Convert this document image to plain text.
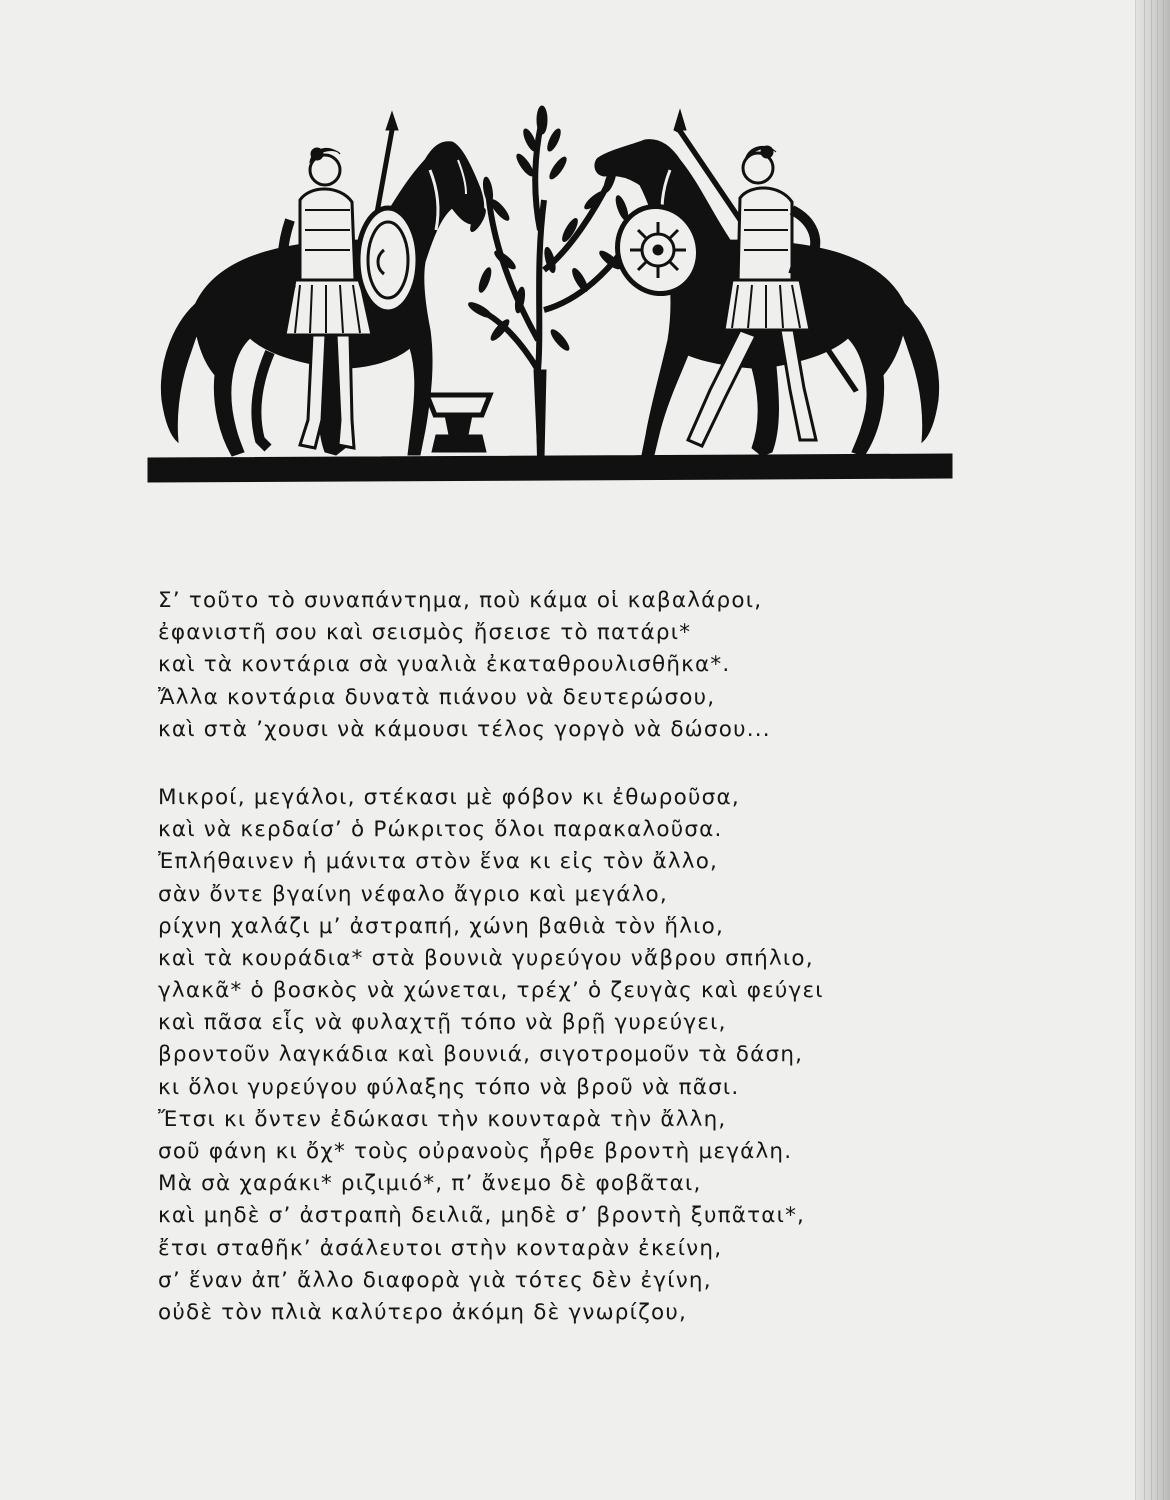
Σ’ τοῦτο τὸ συναπάντημα, ποὺ κάμα οἱ καβαλάροι,
ἐφανιστῆ σου καὶ σεισμὸς ἤσεισε τὸ πατάρι*
καὶ τὰ κοντάρια σὰ γυαλιὰ ἐκαταθρουλισθῆκα*.
Ἄλλα κοντάρια δυνατὰ πιάνου νὰ δευτερώσου,
καὶ στὰ ’χουσι νὰ κάμουσι τέλος γοργὸ νὰ δώσου...
Μικροί, μεγάλοι, στέκασι μὲ φόβον κι ἐθωροῦσα,
καὶ νὰ κερδαίσ’ ὁ Ρώκριτος ὅλοι παρακαλοῦσα.
Ἐπλήθαινεν ἡ μάνιτα στὸν ἕνα κι εἰς τὸν ἄλλο,
σὰν ὄντε βγαίνη νέφαλο ἄγριο καὶ μεγάλο,
ρίχνη χαλάζι μ’ ἀστραπή, χώνη βαθιὰ τὸν ἥλιο,
καὶ τὰ κουράδια* στὰ βουνιὰ γυρεύγου νἄβρου σπήλιο,
γλακᾶ* ὁ βοσκὸς νὰ χώνεται, τρέχ’ ὁ ζευγὰς καὶ φεύγει
καὶ πᾶσα εἷς νὰ φυλαχτῇ τόπο νὰ βρῇ γυρεύγει,
βροντοῦν λαγκάδια καὶ βουνιά, σιγοτρομοῦν τὰ δάση,
κι ὅλοι γυρεύγου φύλαξης τόπο νὰ βροῦ νὰ πᾶσι.
Ἔτσι κι ὄντεν ἐδώκασι τὴν κουνταρὰ τὴν ἄλλη,
σοῦ φάνη κι ὄχ* τοὺς οὐρανοὺς ἦρθε βροντὴ μεγάλη.
Μὰ σὰ χαράκι* ριζιμιό*, π’ ἄνεμο δὲ φοβᾶται,
καὶ μηδὲ σ’ ἀστραπὴ δειλιᾶ, μηδὲ σ’ βροντὴ ξυπᾶται*,
ἔτσι σταθῆκ’ ἀσάλευτοι στὴν κονταρὰν ἐκείνη,
σ’ ἕναν ἀπ’ ἄλλο διαφορὰ γιὰ τότες δὲν ἐγίνη,
οὐδὲ τὸν πλιὰ καλύτερο ἀκόμη δὲ γνωρίζου,
